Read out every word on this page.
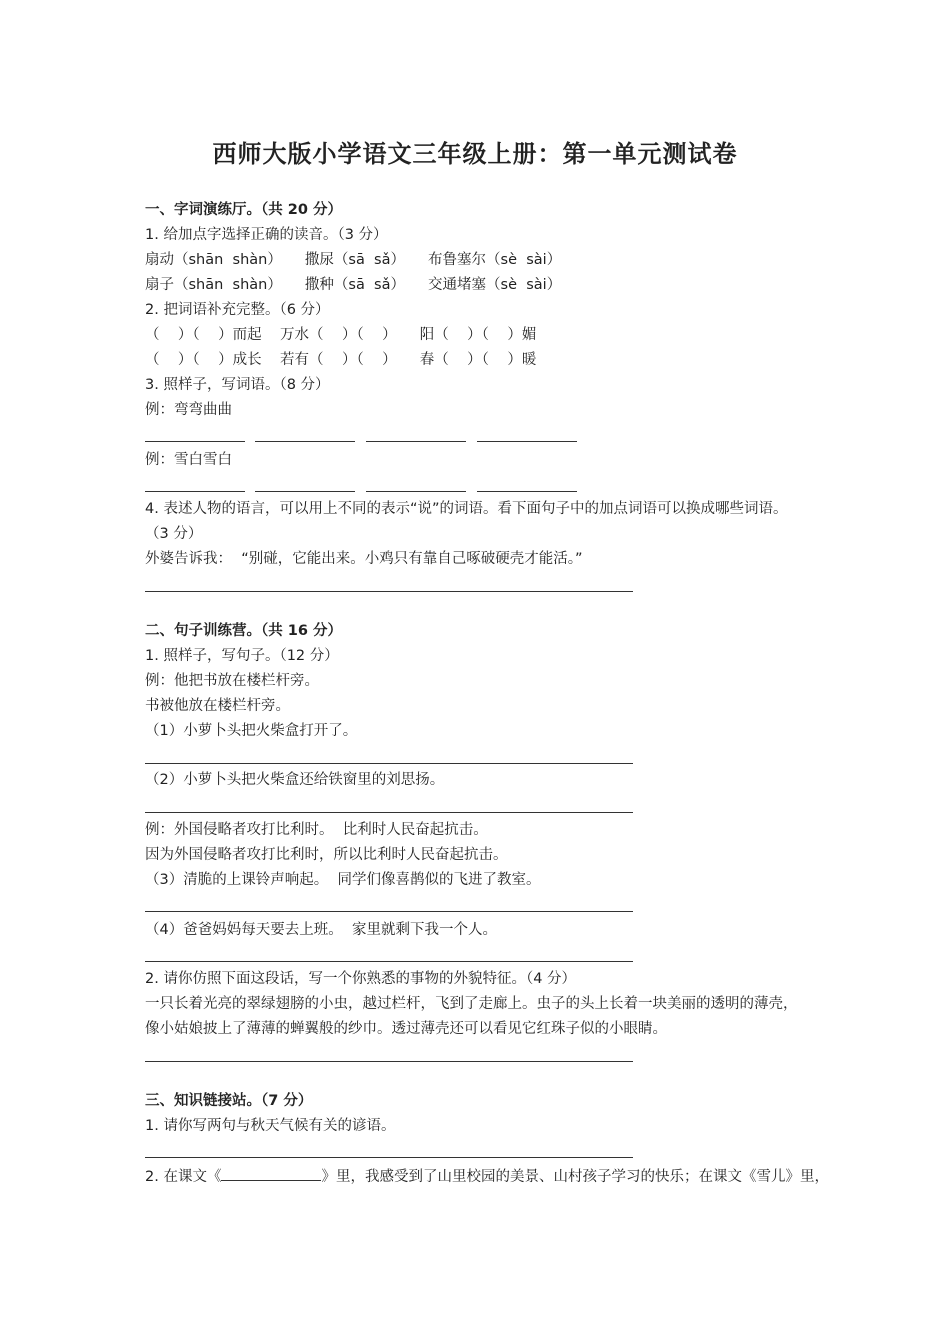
西师大版小学语文三年级上册：第一单元测试卷
一、字词演练厅。（共 20 分）
1. 给加点字选择正确的读音。（3 分）
扇动（shān  shàn）     撒尿（sā  sǎ）     布鲁塞尔（sè  sài）
扇子（shān  shàn）     撒种（sā  sǎ）     交通堵塞（sè  sài）
2. 把词语补充完整。（6 分）
（    ）（    ）而起    万水（    ）（    ）     阳（    ）（    ）媚
（    ）（    ）成长    若有（    ）（    ）     春（    ）（    ）暖
3. 照样子，写词语。（8 分）
例：弯弯曲曲
例：雪白雪白
4. 表述人物的语言，可以用上不同的表示“说”的词语。看下面句子中的加点词语可以换成哪些词语。
（3 分）
外婆告诉我：  “别碰，它能出来。小鸡只有靠自己啄破硬壳才能活。”
二、句子训练营。（共 16 分）
1. 照样子，写句子。（12 分）
例：他把书放在楼栏杆旁。
书被他放在楼栏杆旁。
（1）小萝卜头把火柴盒打开了。
（2）小萝卜头把火柴盒还给铁窗里的刘思扬。
例：外国侵略者攻打比利时。  比利时人民奋起抗击。
因为外国侵略者攻打比利时，所以比利时人民奋起抗击。
（3）清脆的上课铃声响起。  同学们像喜鹊似的飞进了教室。
（4）爸爸妈妈每天要去上班。  家里就剩下我一个人。
2. 请你仿照下面这段话，写一个你熟悉的事物的外貌特征。（4 分）
一只长着光亮的翠绿翅膀的小虫，越过栏杆，飞到了走廊上。虫子的头上长着一块美丽的透明的薄壳，
像小姑娘披上了薄薄的蝉翼般的纱巾。透过薄壳还可以看见它红珠子似的小眼睛。
三、知识链接站。（7 分）
1. 请你写两句与秋天气候有关的谚语。
2. 在课文《	》里，我感受到了山里校园的美景、山村孩子学习的快乐；在课文《雪儿》里，
